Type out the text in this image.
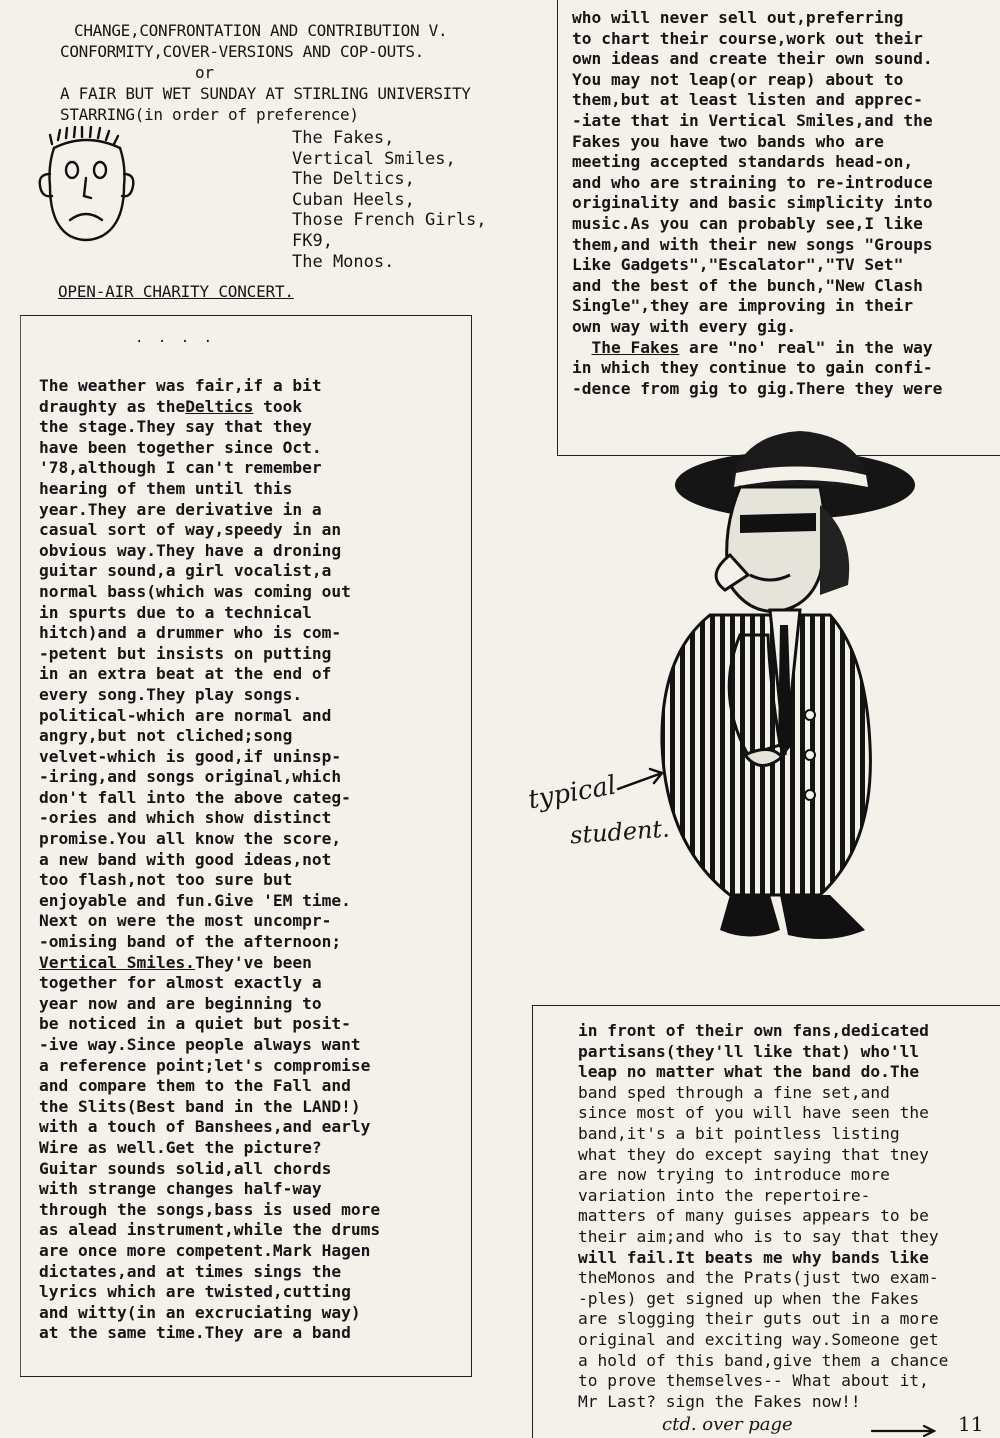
CHANGE,CONFRONTATION AND CONTRIBUTION V.
CONFORMITY,COVER-VERSIONS AND COP-OUTS.
or
A FAIR BUT WET SUNDAY AT STIRLING UNIVERSITY
STARRING(in order of preference)
The Fakes,
Vertical Smiles,
The Deltics,
Cuban Heels,
Those French Girls,
FK9,
The Monos.
OPEN-AIR CHARITY CONCERT.
. . . .
The weather was fair,if a bit
draughty as theDeltics took
the stage.They say that they
have been together since Oct.
'78,although I can't remember
hearing of them until this
year.They are derivative in a
casual sort of way,speedy in an
obvious way.They have a droning
guitar sound,a girl vocalist,a
normal bass(which was coming out
in spurts due to a technical
hitch)and a drummer who is com-
-petent but insists on putting
in an extra beat at the end of
every song.They play songs.
political-which are normal and
angry,but not cliched;song
velvet-which is good,if uninsp-
-iring,and songs original,which
don't fall into the above categ-
-ories and which show distinct
promise.You all know the score,
a new band with good ideas,not
too flash,not too sure but
enjoyable and fun.Give 'EM time.
Next on were the most uncompr-
-omising band of the afternoon;
Vertical Smiles.They've been
together for almost exactly a
year now and are beginning to
be noticed in a quiet but posit-
-ive way.Since people always want
a reference point;let's compromise
and compare them to the Fall and
the Slits(Best band in the LAND!)
with a touch of Banshees,and early
Wire as well.Get the picture?
Guitar sounds solid,all chords
with strange changes half-way
through the songs,bass is used more
as alead instrument,while the drums
are once more competent.Mark Hagen
dictates,and at times sings the
lyrics which are twisted,cutting
and witty(in an excruciating way)
at the same time.They are a band
who will never sell out,preferring
to chart their course,work out their
own ideas and create their own sound.
You may not leap(or reap) about to
them,but at least listen and apprec-
-iate that in Vertical Smiles,and the
Fakes you have two bands who are
meeting accepted standards head-on,
and who are straining to re-introduce
originality and basic simplicity into
music.As you can probably see,I like
them,and with their new songs "Groups
Like Gadgets","Escalator","TV Set"
and the best of the bunch,"New Clash
Single",they are improving in their
own way with every gig.
The Fakes are "no' real" in the way
in which they continue to gain confi-
-dence from gig to gig.There they were
typical
student.
in front of their own fans,dedicated
partisans(they'll like that) who'll
leap no matter what the band do.The
band sped through a fine set,and
since most of you will have seen the
band,it's a bit pointless listing
what they do except saying that tney
are now trying to introduce more
variation into the repertoire-
matters of many guises appears to be
their aim;and who is to say that they
will fail.It beats me why bands like
theMonos and the Prats(just two exam-
-ples) get signed up when the Fakes
are slogging their guts out in a more
original and exciting way.Someone get
a hold of this band,give them a chance
to prove themselves-- What about it,
Mr Last? sign the Fakes now!!
ctd. over page	11
